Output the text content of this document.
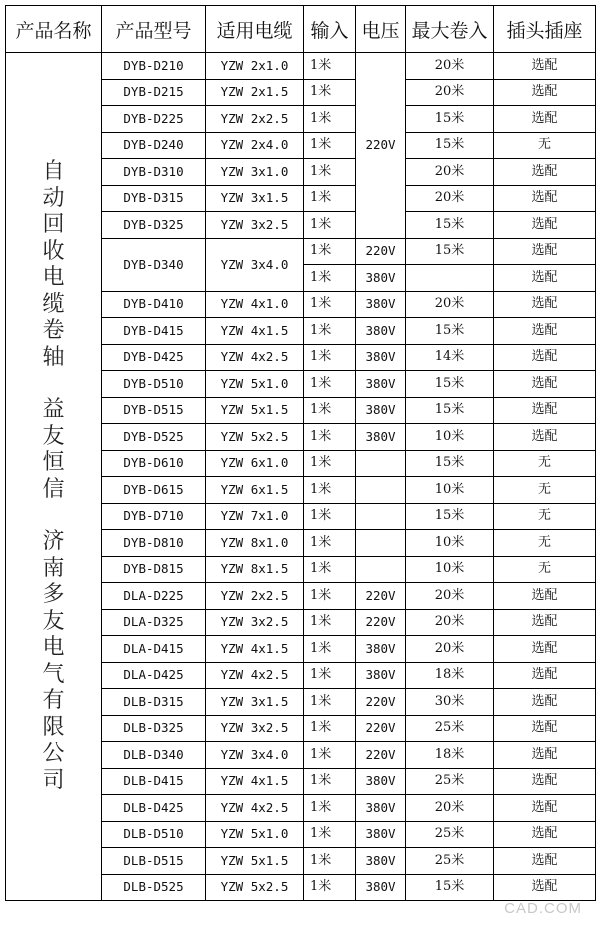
产品名称	产品型号	适用电缆	输入	电压	最大卷入	插头插座
自动回收电缆卷轴
益友恒信
济南多友电气有限公司	DYB-D210	YZW 2x1.0	1米	220V	20米	选配
	DYB-D215	YZW 2x1.5	1米		20米	选配
	DYB-D225	YZW 2x2.5	1米		15米	选配
	DYB-D240	YZW 2x4.0	1米		15米	无
	DYB-D310	YZW 3x1.0	1米		20米	选配
	DYB-D315	YZW 3x1.5	1米		20米	选配
	DYB-D325	YZW 3x2.5	1米		15米	选配
	DYB-D340	YZW 3x4.0	1米	220V	15米	选配
			1米	380V		选配
	DYB-D410	YZW 4x1.0	1米	380V	20米	选配
	DYB-D415	YZW 4x1.5	1米	380V	15米	选配
	DYB-D425	YZW 4x2.5	1米	380V	14米	选配
	DYB-D510	YZW 5x1.0	1米	380V	15米	选配
	DYB-D515	YZW 5x1.5	1米	380V	15米	选配
	DYB-D525	YZW 5x2.5	1米	380V	10米	选配
	DYB-D610	YZW 6x1.0	1米		15米	无
	DYB-D615	YZW 6x1.5	1米		10米	无
	DYB-D710	YZW 7x1.0	1米		15米	无
	DYB-D810	YZW 8x1.0	1米		10米	无
	DYB-D815	YZW 8x1.5	1米		10米	无
	DLA-D225	YZW 2x2.5	1米	220V	20米	选配
	DLA-D325	YZW 3x2.5	1米	220V	20米	选配
	DLA-D415	YZW 4x1.5	1米	380V	20米	选配
	DLA-D425	YZW 4x2.5	1米	380V	18米	选配
	DLB-D315	YZW 3x1.5	1米	220V	30米	选配
	DLB-D325	YZW 3x2.5	1米	220V	25米	选配
	DLB-D340	YZW 3x4.0	1米	220V	18米	选配
	DLB-D415	YZW 4x1.5	1米	380V	25米	选配
	DLB-D425	YZW 4x2.5	1米	380V	20米	选配
	DLB-D510	YZW 5x1.0	1米	380V	25米	选配
	DLB-D515	YZW 5x1.5	1米	380V	25米	选配
	DLB-D525	YZW 5x2.5	1米	380V	15米	选配
CAD.COM
